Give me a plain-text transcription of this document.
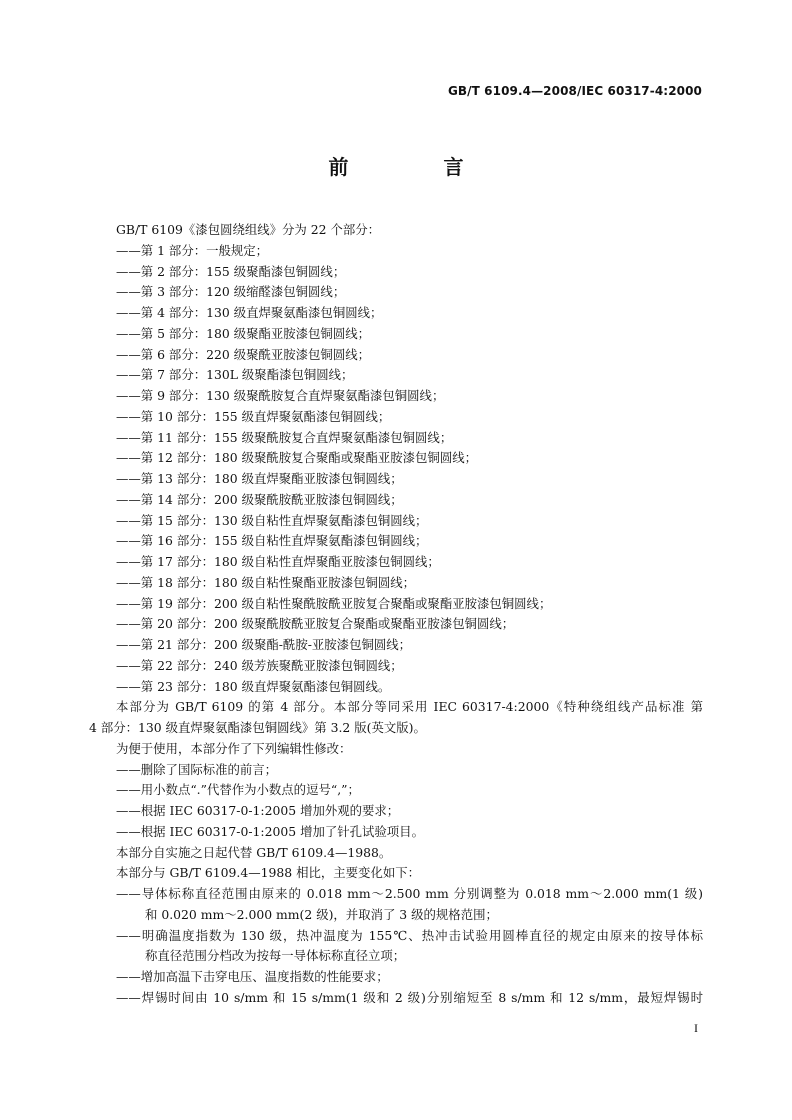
GB/T 6109.4—2008/IEC 60317-4:2000
前 言
GB/T 6109《漆包圆绕组线》分为 22 个部分：
——第 1 部分：一般规定；
——第 2 部分：155 级聚酯漆包铜圆线；
——第 3 部分：120 级缩醛漆包铜圆线；
——第 4 部分：130 级直焊聚氨酯漆包铜圆线；
——第 5 部分：180 级聚酯亚胺漆包铜圆线；
——第 6 部分：220 级聚酰亚胺漆包铜圆线；
——第 7 部分：130L 级聚酯漆包铜圆线；
——第 9 部分：130 级聚酰胺复合直焊聚氨酯漆包铜圆线；
——第 10 部分：155 级直焊聚氨酯漆包铜圆线；
——第 11 部分：155 级聚酰胺复合直焊聚氨酯漆包铜圆线；
——第 12 部分：180 级聚酰胺复合聚酯或聚酯亚胺漆包铜圆线；
——第 13 部分：180 级直焊聚酯亚胺漆包铜圆线；
——第 14 部分：200 级聚酰胺酰亚胺漆包铜圆线；
——第 15 部分：130 级自粘性直焊聚氨酯漆包铜圆线；
——第 16 部分：155 级自粘性直焊聚氨酯漆包铜圆线；
——第 17 部分：180 级自粘性直焊聚酯亚胺漆包铜圆线；
——第 18 部分：180 级自粘性聚酯亚胺漆包铜圆线；
——第 19 部分：200 级自粘性聚酰胺酰亚胺复合聚酯或聚酯亚胺漆包铜圆线；
——第 20 部分：200 级聚酰胺酰亚胺复合聚酯或聚酯亚胺漆包铜圆线；
——第 21 部分：200 级聚酯-酰胺-亚胺漆包铜圆线；
——第 22 部分：240 级芳族聚酰亚胺漆包铜圆线；
——第 23 部分：180 级直焊聚氨酯漆包铜圆线。
本部分为 GB/T 6109 的第 4 部分。本部分等同采用 IEC 60317-4:2000《特种绕组线产品标准 第
4 部分：130 级直焊聚氨酯漆包铜圆线》第 3.2 版(英文版)。
为便于使用，本部分作了下列编辑性修改：
——删除了国际标准的前言；
——用小数点“.”代替作为小数点的逗号“,”；
——根据 IEC 60317-0-1:2005 增加外观的要求；
——根据 IEC 60317-0-1:2005 增加了针孔试验项目。
本部分自实施之日起代替 GB/T 6109.4—1988。
本部分与 GB/T 6109.4—1988 相比，主要变化如下：
——导体标称直径范围由原来的 0.018 mm～2.500 mm 分别调整为 0.018 mm～2.000 mm(1 级)
和 0.020 mm～2.000 mm(2 级)，并取消了 3 级的规格范围；
——明确温度指数为 130 级，热冲温度为 155℃、热冲击试验用圆棒直径的规定由原来的按导体标
称直径范围分档改为按每一导体标称直径立项；
——增加高温下击穿电压、温度指数的性能要求；
——焊锡时间由 10 s/mm 和 15 s/mm(1 级和 2 级)分别缩短至 8 s/mm 和 12 s/mm，最短焊锡时
I
